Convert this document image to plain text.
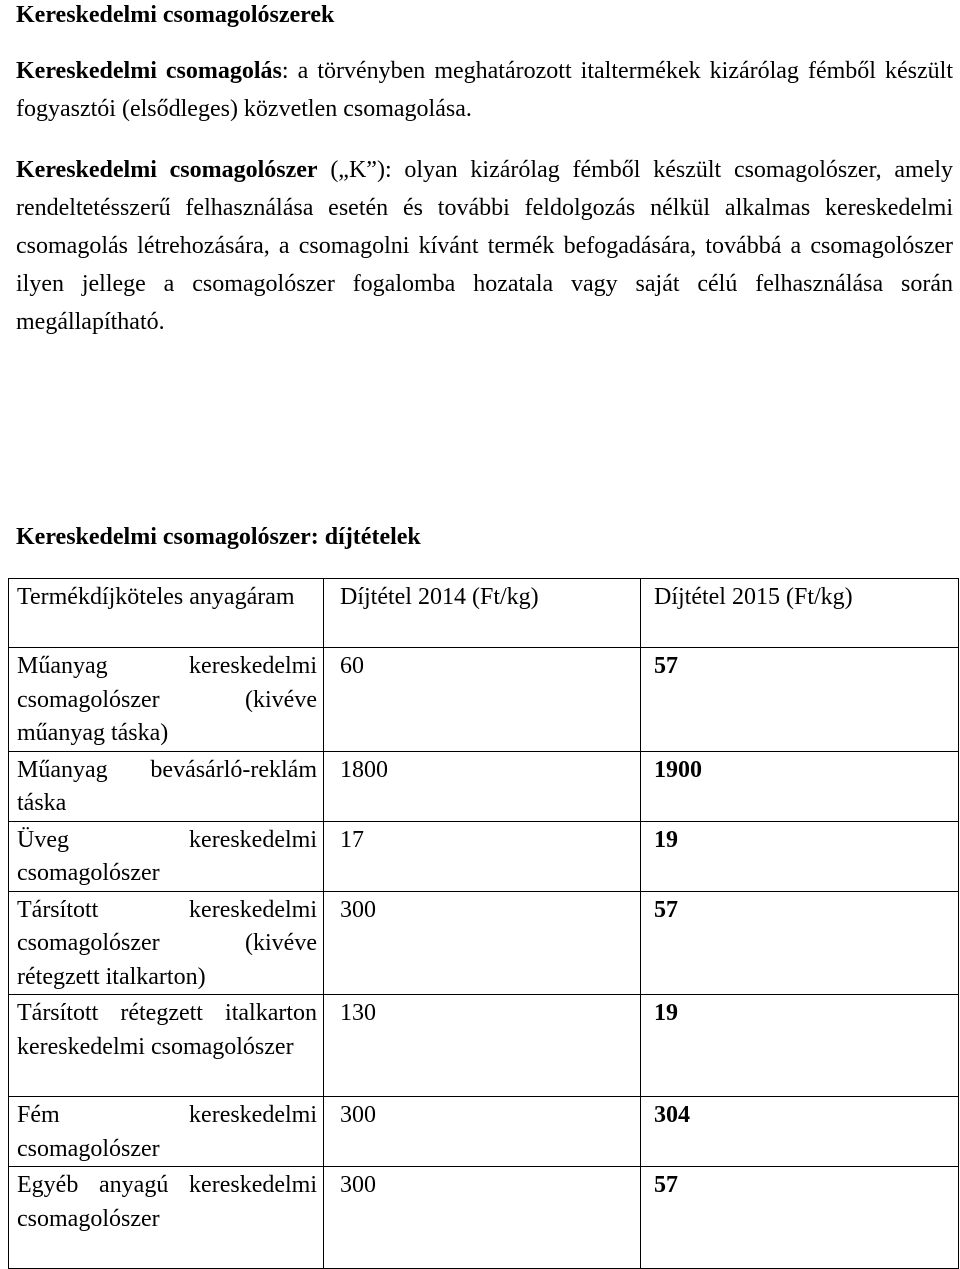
Kereskedelmi csomagolószerek

Kereskedelmi csomagolás: a törvényben meghatározott italtermékek kizárólag fémből készült fogyasztói (elsődleges) közvetlen csomagolása.

Kereskedelmi csomagolószer („K”): olyan kizárólag fémből készült csomagolószer, amely rendeltetésszerű felhasználása esetén és további feldolgozás nélkül alkalmas kereskedelmi csomagolás létrehozására, a csomagolni kívánt termék befogadására, továbbá a csomagolószer ilyen jellege a csomagolószer fogalomba hozatala vagy saját célú felhasználása során megállapítható.

Kereskedelmi csomagolószer: díjtételek
Termékdíjköteles anyagáram	Díjtétel 2014 (Ft/kg)	Díjtétel 2015 (Ft/kg)
Műanyag kereskedelmi csomagolószer (kivéve műanyag táska)	60	57
Műanyag bevásárló-reklám táska	1800	1900
Üveg kereskedelmi csomagolószer	17	19
Társított kereskedelmi csomagolószer (kivéve rétegzett italkarton)	300	57
Társított rétegzett italkarton kereskedelmi csomagolószer	130	19
Fém kereskedelmi csomagolószer	300	304
Egyéb anyagú kereskedelmi csomagolószer	300	57
